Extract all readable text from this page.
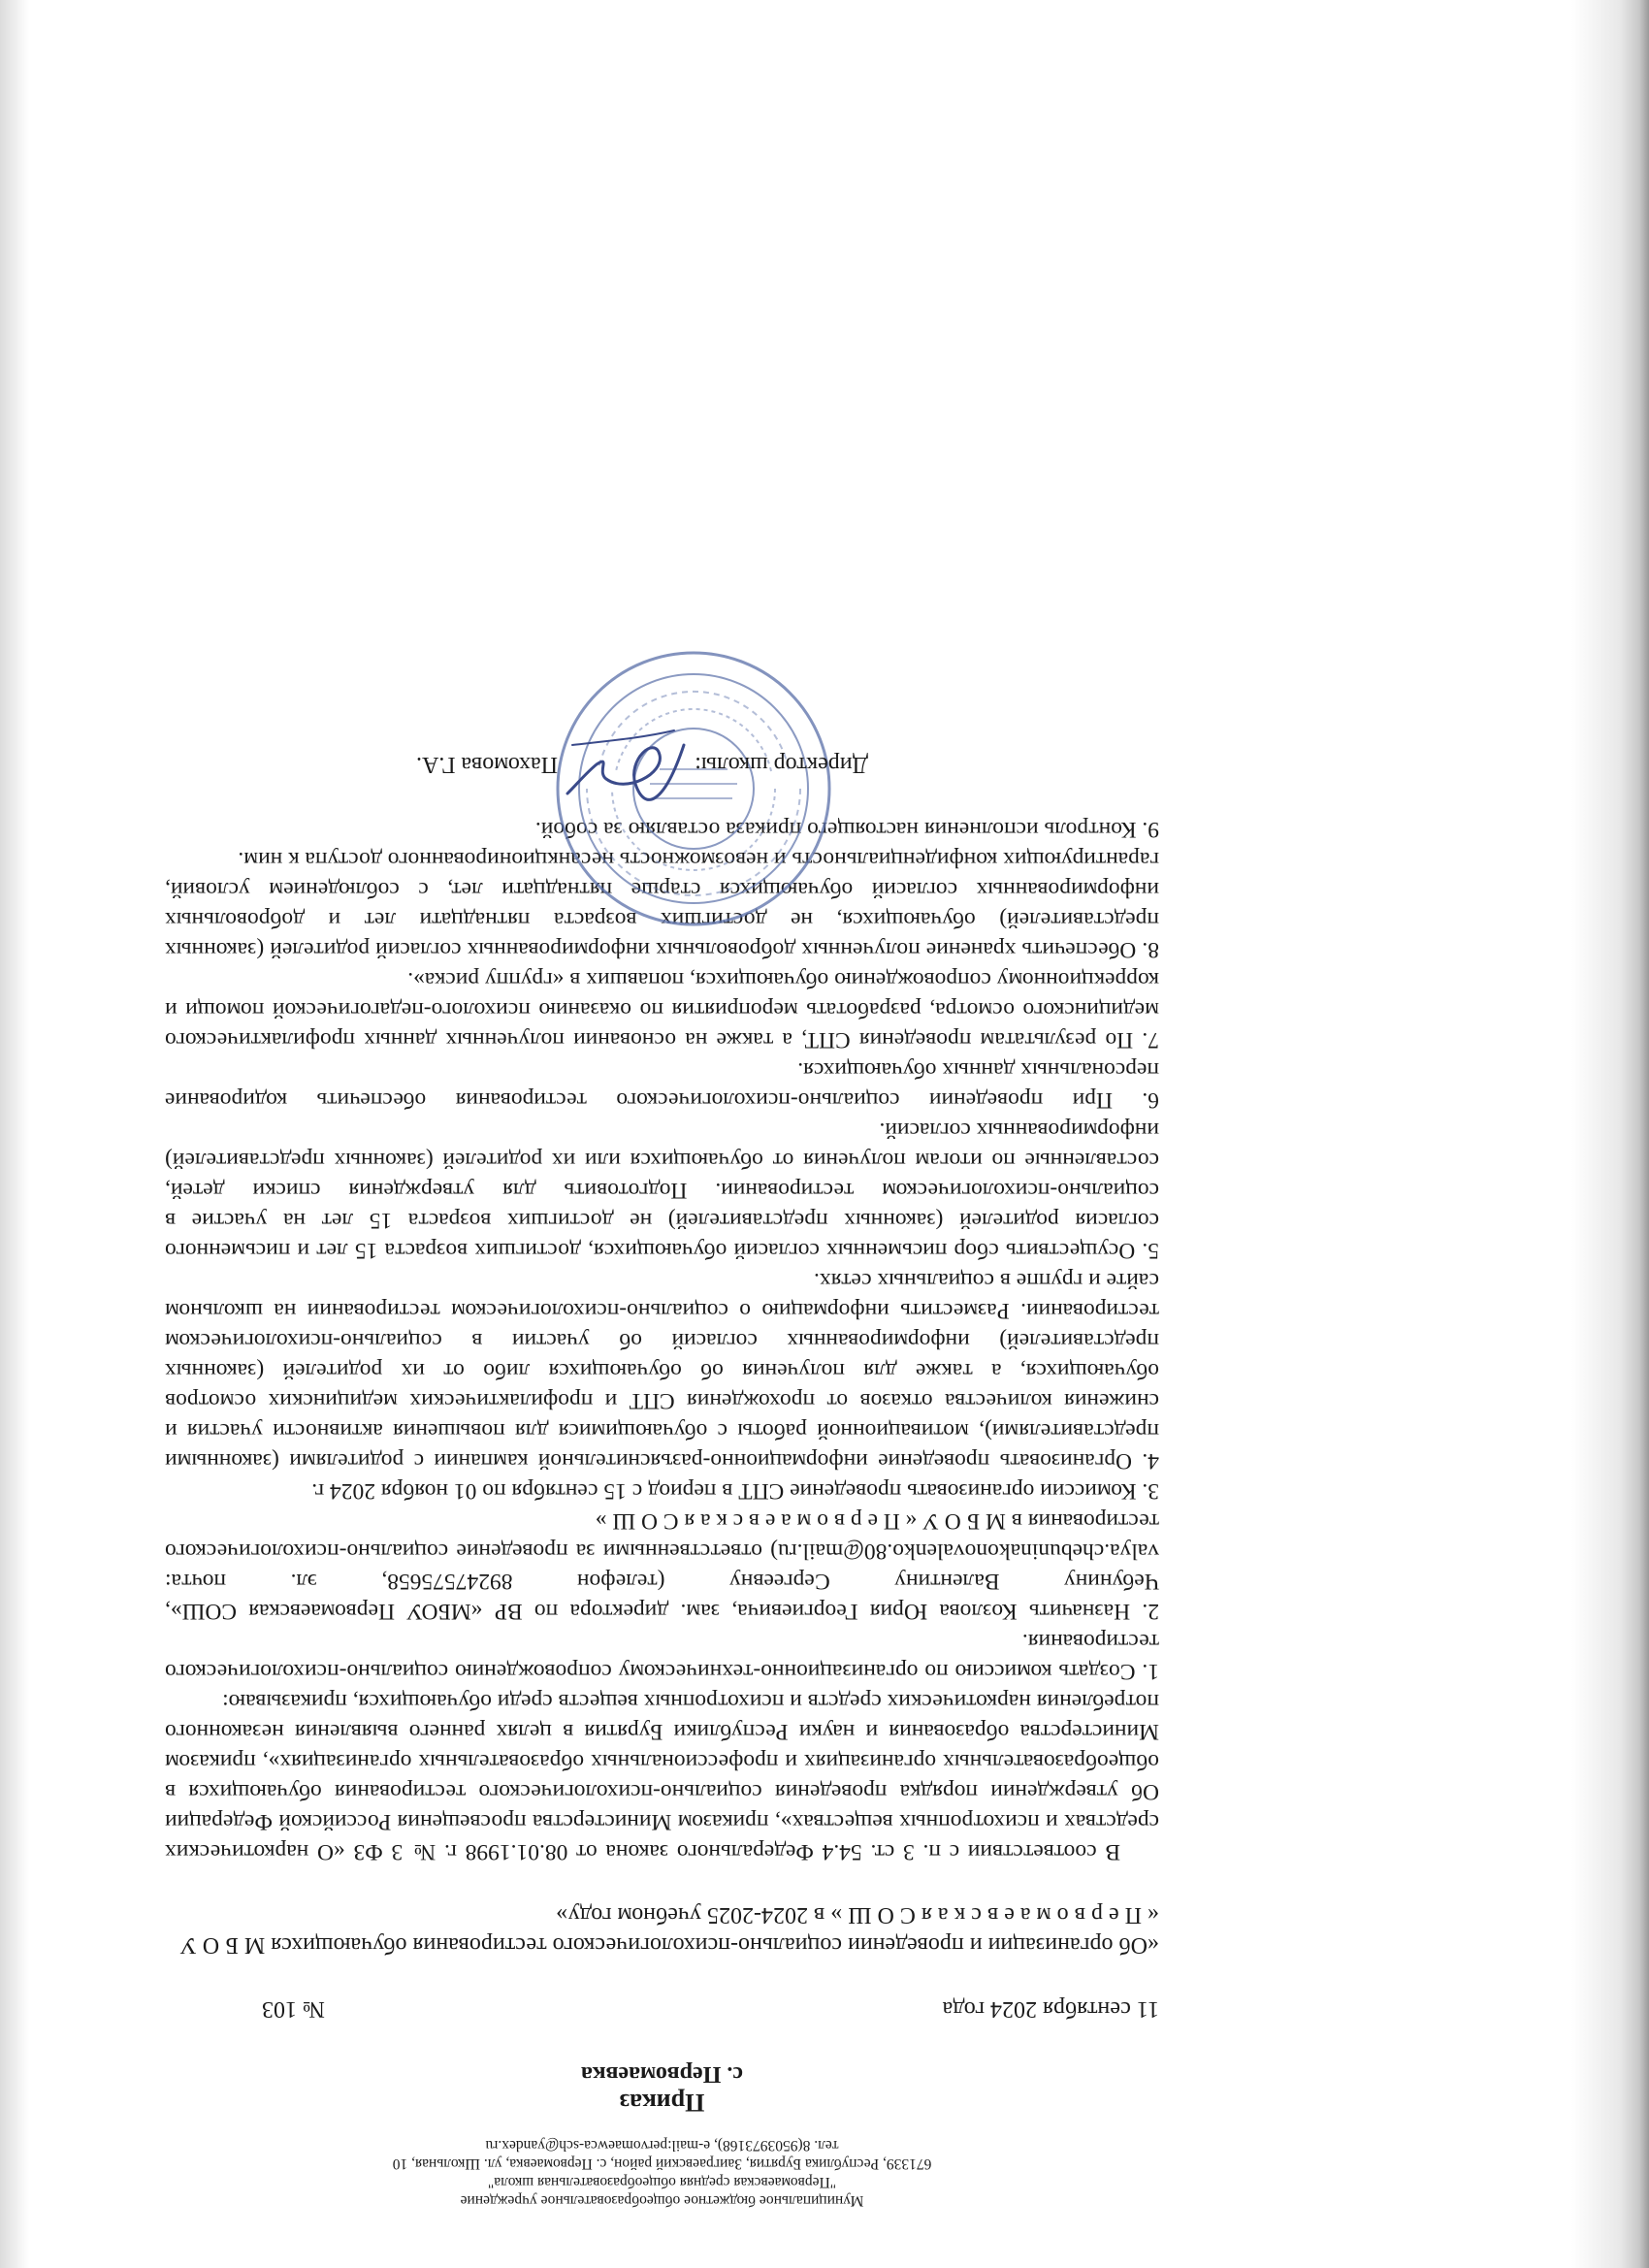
Муниципальное бюджетное общеобразовательное учреждение
"Первомаевская средняя общеобразовательная школа"
671339, Республика Бурятия, Заиграевский район, с. Первомаевка, ул. Школьная, 10
тел. 8(9503973168), e-mail:pervomaewca-sch@yandex.ru
Приказ
с. Первомаевка
11 сентября 2024 года
№ 103
«Об организации и проведении социально-психологического тестирования обучающихся М Б О У « П е р в о м а е в с к а я С О Ш » в 2024-2025 учебном году»

В соответствии с п. 3 ст. 54.4 Федерального закона от 08.01.1998 г. № 3 ФЗ «О наркотических средствах и психотропных веществах», приказом Министерства просвещения Российской Федерации Об утверждении порядка проведения социально-психологического тестирования обучающихся в общеобразовательных организациях и профессиональных образовательных организациях», приказом Министерства образования и науки Республики Бурятия в целях раннего выявления незаконного потребления наркотических средств и психотропных веществ среди обучающихся, приказываю:

1. Создать комиссию по организационно-техническому сопровождению социально-психологического тестирования.

2. Назначить Козлова Юрия Георгиевича, зам. директора по ВР «МБОУ Первомаевская СОШ», Чебунину Валентину Сергеевну (телефон 89247575658, эл. почта: valya.chebuninakonovalenko.80@mail.ru) ответственными за проведение социально-психологического тестирования в М Б О У « П е р в о м а е в с к а я С О Ш »

3. Комиссии организовать проведение СПТ в период с 15 сентября по 01 ноября 2024 г.

4. Организовать проведение информационно-разъяснительной кампании с родителями (законными представителями), мотивационной работы с обучающимися для повышения активности участия и снижения количества отказов от прохождения СПТ и профилактических медицинских осмотров обучающихся, а также для получения об обучающихся либо от их родителей (законных представителей) информированных согласий об участии в социально-психологическом тестировании. Разместить информацию о социально-психологическом тестировании на школьном сайте и группе в социальных сетях.

5. Осуществить сбор письменных согласий обучающихся, достигших возраста 15 лет и письменного согласия родителей (законных представителей) не достигших возраста 15 лет на участие в социально-психологическом тестировании. Подготовить для утверждения списки детей, составленные по итогам получения от обучающихся или их родителей (законных представителей) информированных согласий.

6. При проведении социально-психологического тестирования обеспечить кодирование персональных данных обучающихся.

7. По результатам проведения СПТ, а также на основании полученных данных профилактического медицинского осмотра, разработать мероприятия по оказанию психолого-педагогической помощи и коррекционному сопровождению обучающихся, попавших в «группу риска».

8. Обеспечить хранение полученных добровольных информированных согласий родителей (законных представителей) обучающихся, не достигших возраста пятнадцати лет и добровольных информированных согласий обучающихся старше пятнадцати лет, с соблюдением условий, гарантирующих конфиденциальность и невозможность несанкционированного доступа к ним.

9. Контроль исполнения настоящего приказа оставляю за собой.

Директор школы:
Пахомова Г.А.
